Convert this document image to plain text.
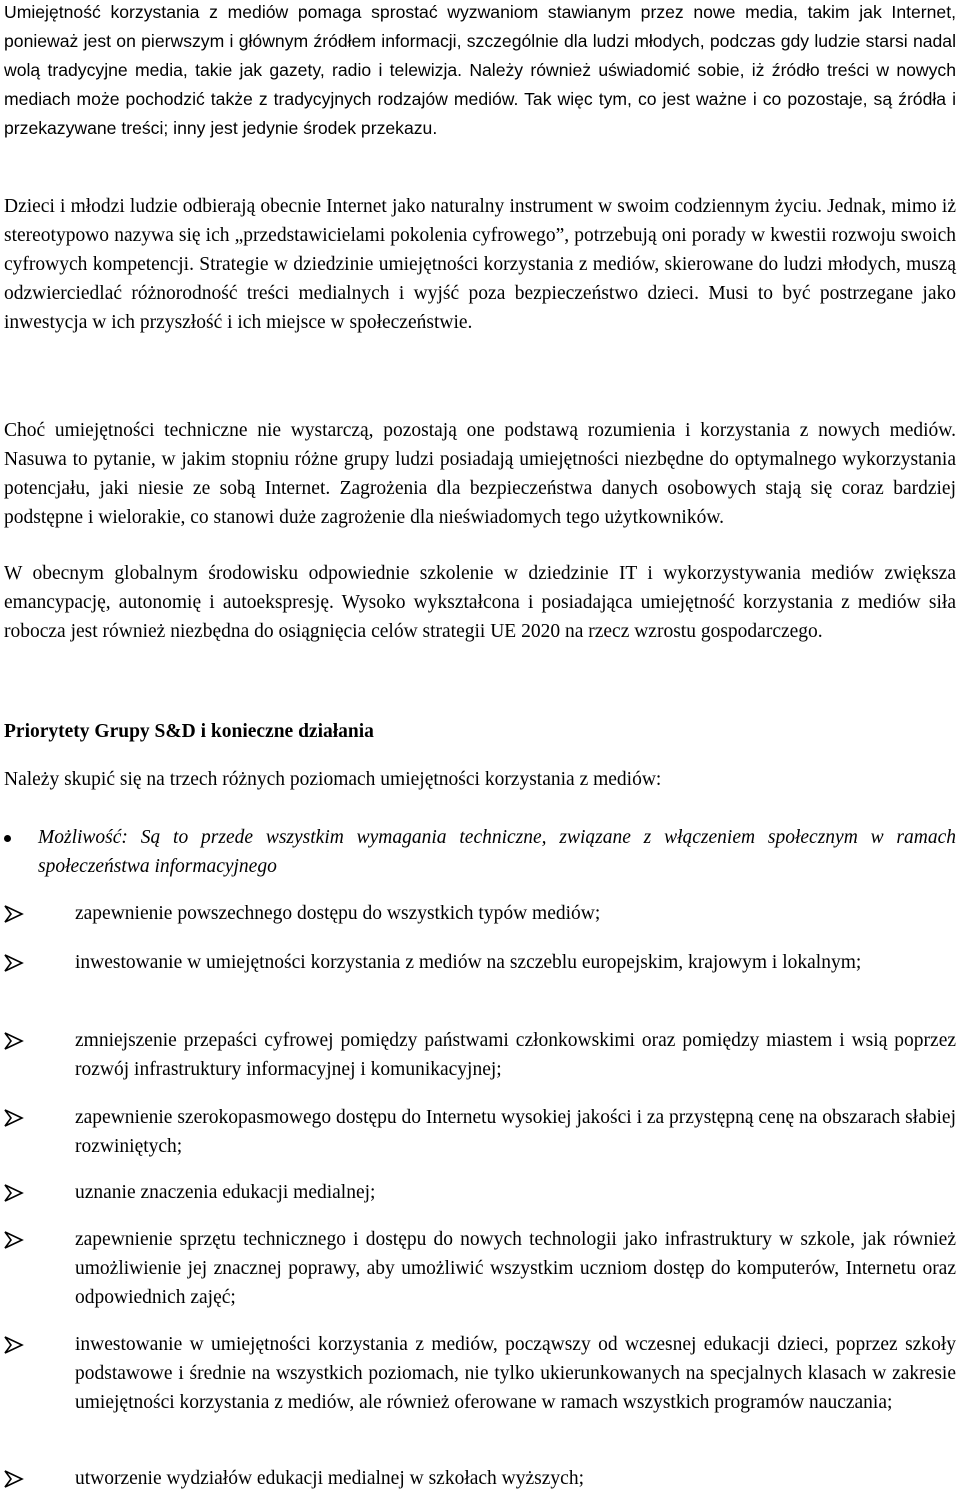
Umiejętność korzystania z mediów pomaga sprostać wyzwaniom stawianym przez nowe media, takim jak Internet, ponieważ jest on pierwszym i głównym źródłem informacji, szczególnie dla ludzi młodych, podczas gdy ludzie starsi nadal wolą tradycyjne media, takie jak gazety, radio i telewizja. Należy również uświadomić sobie, iż źródło treści w nowych mediach może pochodzić także z tradycyjnych rodzajów mediów. Tak więc tym, co jest ważne i co pozostaje, są źródła i przekazywane treści; inny jest jedynie środek przekazu.

Dzieci i młodzi ludzie odbierają obecnie Internet jako naturalny instrument w swoim codziennym życiu. Jednak, mimo iż stereotypowo nazywa się ich „przedstawicielami pokolenia cyfrowego”, potrzebują oni porady w kwestii rozwoju swoich cyfrowych kompetencji. Strategie w dziedzinie umiejętności korzystania z mediów, skierowane do ludzi młodych, muszą odzwierciedlać różnorodność treści medialnych i wyjść poza bezpieczeństwo dzieci. Musi to być postrzegane jako inwestycja w ich przyszłość i ich miejsce w społeczeństwie.

Choć umiejętności techniczne nie wystarczą, pozostają one podstawą rozumienia i korzystania z nowych mediów. Nasuwa to pytanie, w jakim stopniu różne grupy ludzi posiadają umiejętności niezbędne do optymalnego wykorzystania potencjału, jaki niesie ze sobą Internet. Zagrożenia dla bezpieczeństwa danych osobowych stają się coraz bardziej podstępne i wielorakie, co stanowi duże zagrożenie dla nieświadomych tego użytkowników.

W obecnym globalnym środowisku odpowiednie szkolenie w dziedzinie IT i wykorzystywania mediów zwiększa emancypację, autonomię i autoekspresję. Wysoko wykształcona i posiadająca umiejętność korzystania z mediów siła robocza jest również niezbędna do osiągnięcia celów strategii UE 2020 na rzecz wzrostu gospodarczego.

Priorytety Grupy S&D i konieczne działania

Należy skupić się na trzech różnych poziomach umiejętności korzystania z mediów:

Możliwość: Są to przede wszystkim wymagania techniczne, związane z włączeniem społecznym w ramach społeczeństwa informacyjnego

zapewnienie powszechnego dostępu do wszystkich typów mediów;

inwestowanie w umiejętności korzystania z mediów na szczeblu europejskim, krajowym i lokalnym;

zmniejszenie przepaści cyfrowej pomiędzy państwami członkowskimi oraz pomiędzy miastem i wsią poprzez rozwój infrastruktury informacyjnej i komunikacyjnej;

zapewnienie szerokopasmowego dostępu do Internetu wysokiej jakości i za przystępną cenę na obszarach słabiej rozwiniętych;

uznanie znaczenia edukacji medialnej;

zapewnienie sprzętu technicznego i dostępu do nowych technologii jako infrastruktury w szkole, jak również umożliwienie jej znacznej poprawy, aby umożliwić wszystkim uczniom dostęp do komputerów, Internetu oraz odpowiednich zajęć;

inwestowanie w umiejętności korzystania z mediów, począwszy od wczesnej edukacji dzieci, poprzez szkoły podstawowe i średnie na wszystkich poziomach, nie tylko ukierunkowanych na specjalnych klasach w zakresie umiejętności korzystania z mediów, ale również oferowane w ramach wszystkich programów nauczania;

utworzenie wydziałów edukacji medialnej w szkołach wyższych;
